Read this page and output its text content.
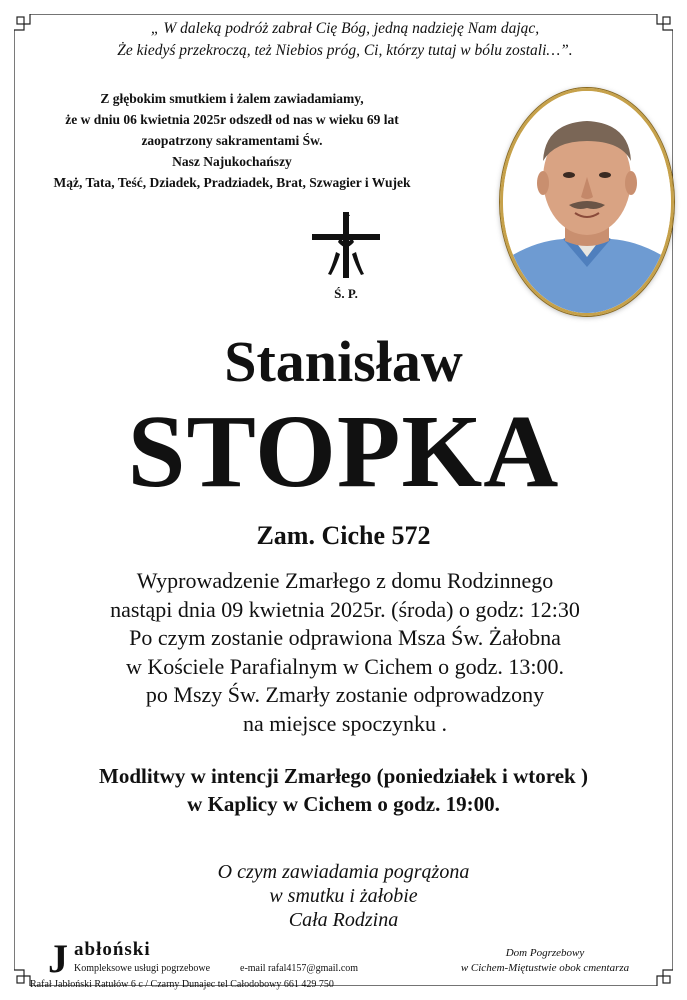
„ W daleką podróż zabrał Cię Bóg, jedną nadzieję Nam dając,
Że kiedyś przekroczą, też Niebios próg, Ci, którzy tutaj w bólu zostali…”.
Z głębokim smutkiem i żalem zawiadamiamy,
że w dniu 06 kwietnia 2025r odszedł od nas w wieku 69 lat
zaopatrzony sakramentami Św.
Nasz Najukochańszy
Mąż, Tata, Teść, Dziadek, Pradziadek, Brat, Szwagier i Wujek
Ś. P.
Stanisław
STOPKA
Zam. Ciche 572
Wyprowadzenie Zmarłego z domu Rodzinnego
nastąpi dnia 09 kwietnia 2025r. (środa) o godz: 12:30
Po czym zostanie odprawiona Msza Św. Żałobna
w Kościele Parafialnym w Cichem o godz. 13:00.
po Mszy Św. Zmarły zostanie odprowadzony
na miejsce spoczynku .
Modlitwy w intencji Zmarłego (poniedziałek i wtorek )
w Kaplicy w Cichem o godz. 19:00.
O czym zawiadamia pogrążona
w smutku i żałobie
Cała Rodzina
J abłoński
Kompleksowe usługi pogrzebowe	e-mail rafal4157@gmail.com
Rafał Jabłoński Ratułów 6 c / Czarny Dunajec tel Całodobowy 661 429 750
Dom Pogrzebowy
w Cichem-Miętustwie obok cmentarza
